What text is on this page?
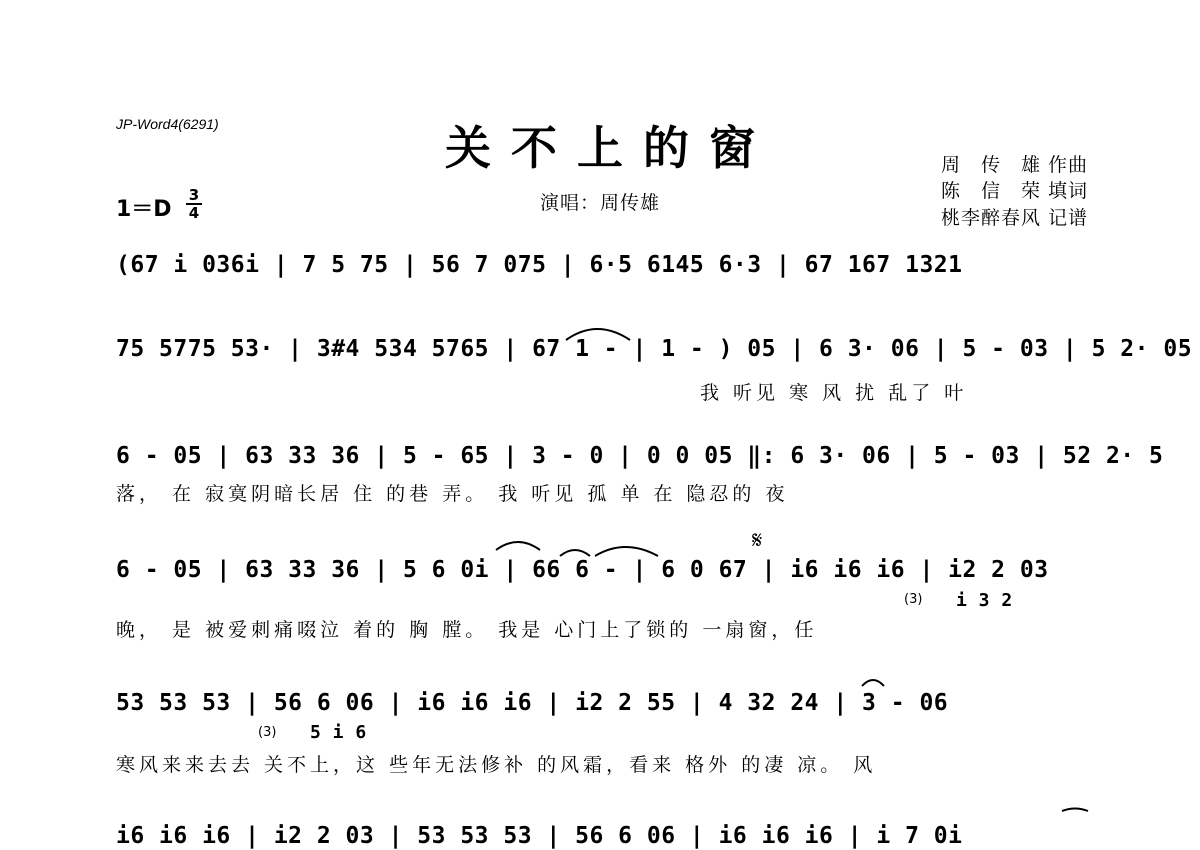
JP-Word4(6291)	关不上的窗
演唱：周传雄
周　传　雄 作曲
陈　信　荣 填词
桃李醉春风 记谱
1＝D
3
4
(67 i 036i | 7 5 75 | 56 7 075 | 6·5 6145 6·3 | 67 167 1321
75 5775 53· | 3#4 534 5765 | 67 1 - | 1 - ) 05 | 6 3· 06 | 5 - 03 | 5 2· 05
我 听见 寒 风 扰 乱了 叶
6 - 05 | 63 33 36 | 5 - 65 | 3 - 0 | 0 0 05 ‖: 6 3· 06 | 5 - 03 | 52 2· 5
落， 在 寂寞阴暗长居 住 的巷 弄。 我 听见 孤 单 在 隐忍的 夜
𝄋
6 - 05 | 63 33 36 | 5 6 0i | 66 6 - | 6 0 67 | i6 i6 i6 | i2 2 03
(3) i 3 2
晚， 是 被爱刺痛啜泣 着的 胸 膛。 我是 心门上了锁的 一扇窗，任
53 53 53 | 56 6 06 | i6 i6 i6 | i2 2 55 | 4 32 24 | 3 - 06
(3) 5 i 6
寒风来来去去 关不上，这 些年无法修补 的风霜，看来 格外 的凄 凉。 风
i6 i6 i6 | i2 2 03 | 53 53 53 | 56 6 06 | i6 i6 i6 | i 7 0i
